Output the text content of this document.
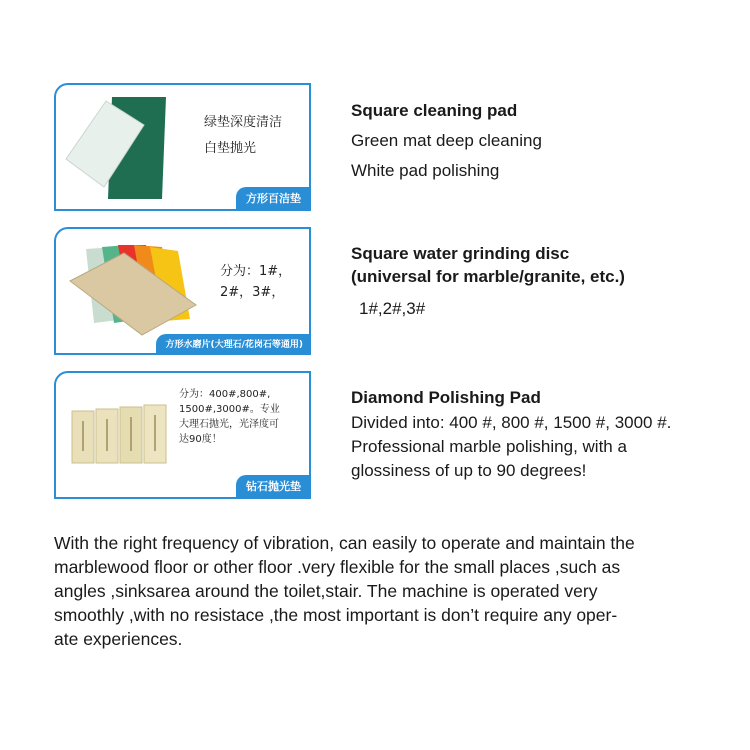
绿垫深度清洁
白垫抛光
方形百洁垫
Square cleaning pad
Green mat deep cleaning
White pad polishing
分为：1#，
2#，3#，
方形水磨片(大理石/花岗石等通用)
Square water grinding disc
(universal for marble/granite, etc.)
1#,2#,3#
分为：400#,800#,
1500#,3000#。专业
大理石抛光，光泽度可
达90度！
钻石抛光垫
Diamond Polishing Pad
Divided into: 400 #, 800 #, 1500 #, 3000 #.
Professional marble polishing, with a
glossiness of up to 90 degrees!
With the right frequency of vibration, can easily to operate and maintain the
marblewood floor or other floor .very flexible for the small places ,such as
angles ,sinksarea around the toilet,stair. The machine is operated very
smoothly ,with no resistace ,the most important is don’t require any oper-
ate experiences.
